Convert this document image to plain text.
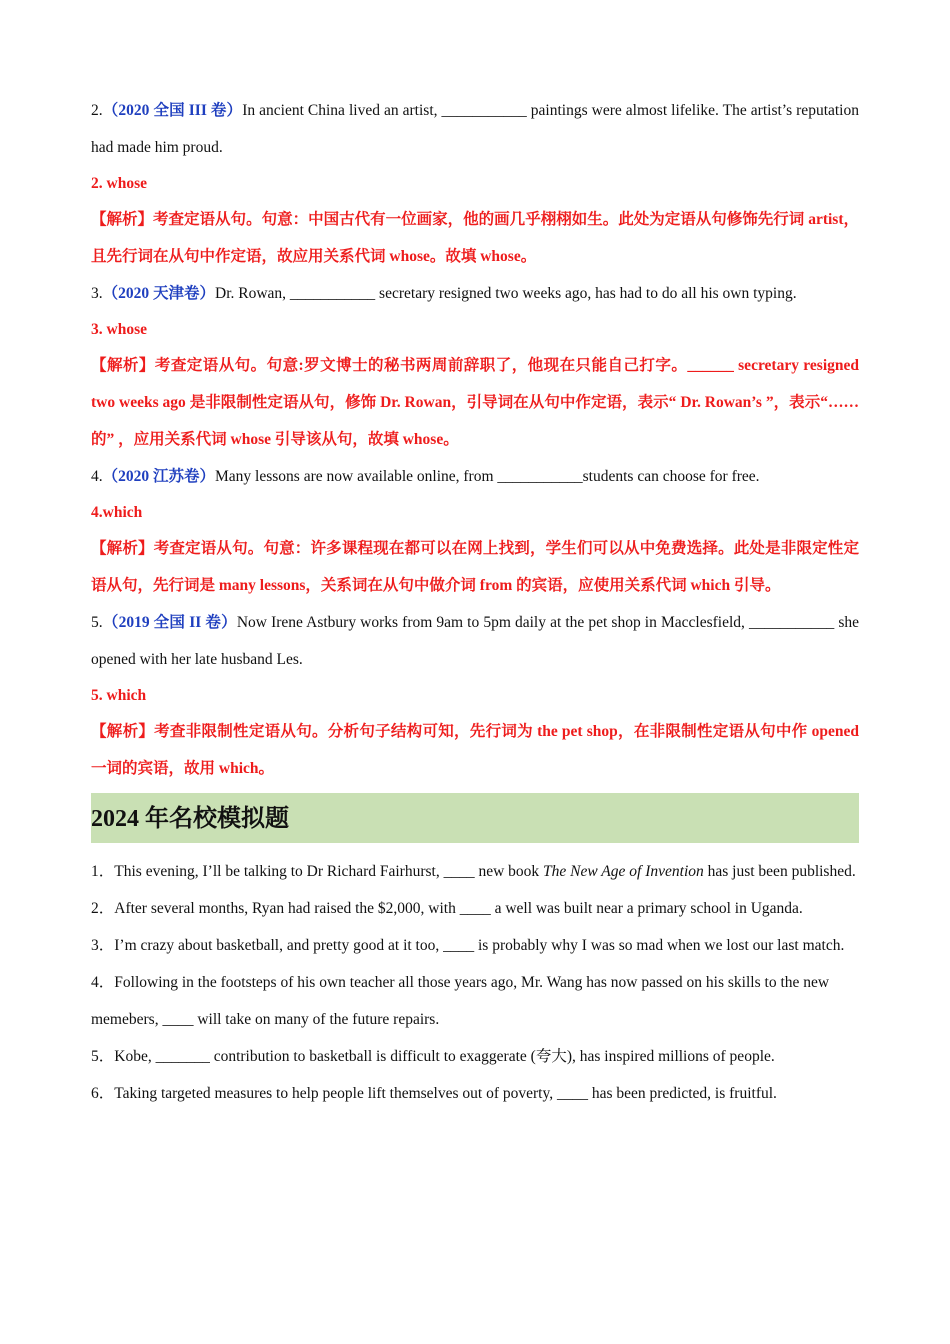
2.（2020 全国 III 卷）In ancient China lived an artist, ___________ paintings were almost lifelike. The artist’s reputation had made him proud.

2. whose

【解析】考查定语从句。句意：中国古代有一位画家，他的画几乎栩栩如生。此处为定语从句修饰先行词 artist，且先行词在从句中作定语，故应用关系代词 whose。故填 whose。

3.（2020 天津卷）Dr. Rowan, ___________ secretary resigned two weeks ago, has had to do all his own typing.

3. whose

【解析】考查定语从句。句意:罗文博士的秘书两周前辞职了，他现在只能自己打字。______ secretary resigned two weeks ago 是非限制性定语从句，修饰 Dr. Rowan，引导词在从句中作定语，表示“ Dr. Rowan’s ”，表示“……的” ，应用关系代词 whose 引导该从句，故填 whose。

4.（2020 江苏卷）Many lessons are now available online, from ___________students can choose for free.

4.which

【解析】考查定语从句。句意：许多课程现在都可以在网上找到，学生们可以从中免费选择。此处是非限定性定语从句，先行词是 many lessons，关系词在从句中做介词 from 的宾语，应使用关系代词 which 引导。

5.（2019 全国 II 卷）Now Irene Astbury works from 9am to 5pm daily at the pet shop in Macclesfield, ___________ she opened with her late husband Les.

5. which

【解析】考查非限制性定语从句。分析句子结构可知，先行词为 the pet shop，在非限制性定语从句中作 opened 一词的宾语，故用 which。

2024 年名校模拟题

1．This evening, I’ll be talking to Dr Richard Fairhurst, ____ new book The New Age of Invention has just been published.

2．After several months, Ryan had raised the $2,000, with ____ a well was built near a primary school in Uganda.

3．I’m crazy about basketball, and pretty good at it too, ____ is probably why I was so mad when we lost our last match.

4．Following in the footsteps of his own teacher all those years ago, Mr. Wang has now passed on his skills to the new memebers, ____ will take on many of the future repairs.

5．Kobe, _______ contribution to basketball is difficult to exaggerate (夸大), has inspired millions of people.

6．Taking targeted measures to help people lift themselves out of poverty, ____ has been predicted, is fruitful.
